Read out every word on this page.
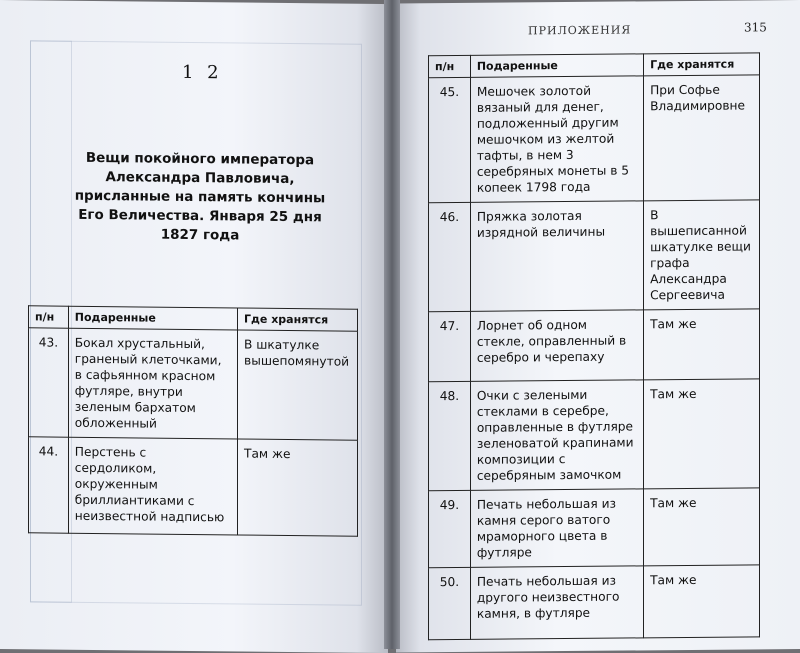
1 2
Вещи покойного императора Александра Павловича, присланные на память кончины Его Величества. Января 25 дня 1827 года
п/н	Подаренные	Где хранятся
43.	Бокал хрустальный, граненый клеточками, в сафьянном красном футляре, внутри зеленым бархатом обложенный	В шкатулке вышепомянутой
44.	Перстень с сердоликом, окруженным бриллиантиками с неизвестной надписью	Там же
ПРИЛОЖЕНИЯ	315
п/н	Подаренные	Где хранятся
45.	Мешочек золотой вязаный для денег, подложенный другим мешочком из желтой тафты, в нем 3 серебряных монеты в 5 копеек 1798 года	При Софье Владимировне
46.	Пряжка золотая изрядной величины	В вышеписанной шкатулке вещи графа Александра Сергеевича
47.	Лорнет об одном стекле, оправленный в серебро и черепаху	Там же
48.	Очки с зелеными стеклами в серебре, оправленные в футляре зеленоватой крапинами композиции с серебряным замочком	Там же
49.	Печать небольшая из камня серого ватого мраморного цвета в футляре	Там же
50.	Печать небольшая из другого неизвестного камня, в футляре	Там же
